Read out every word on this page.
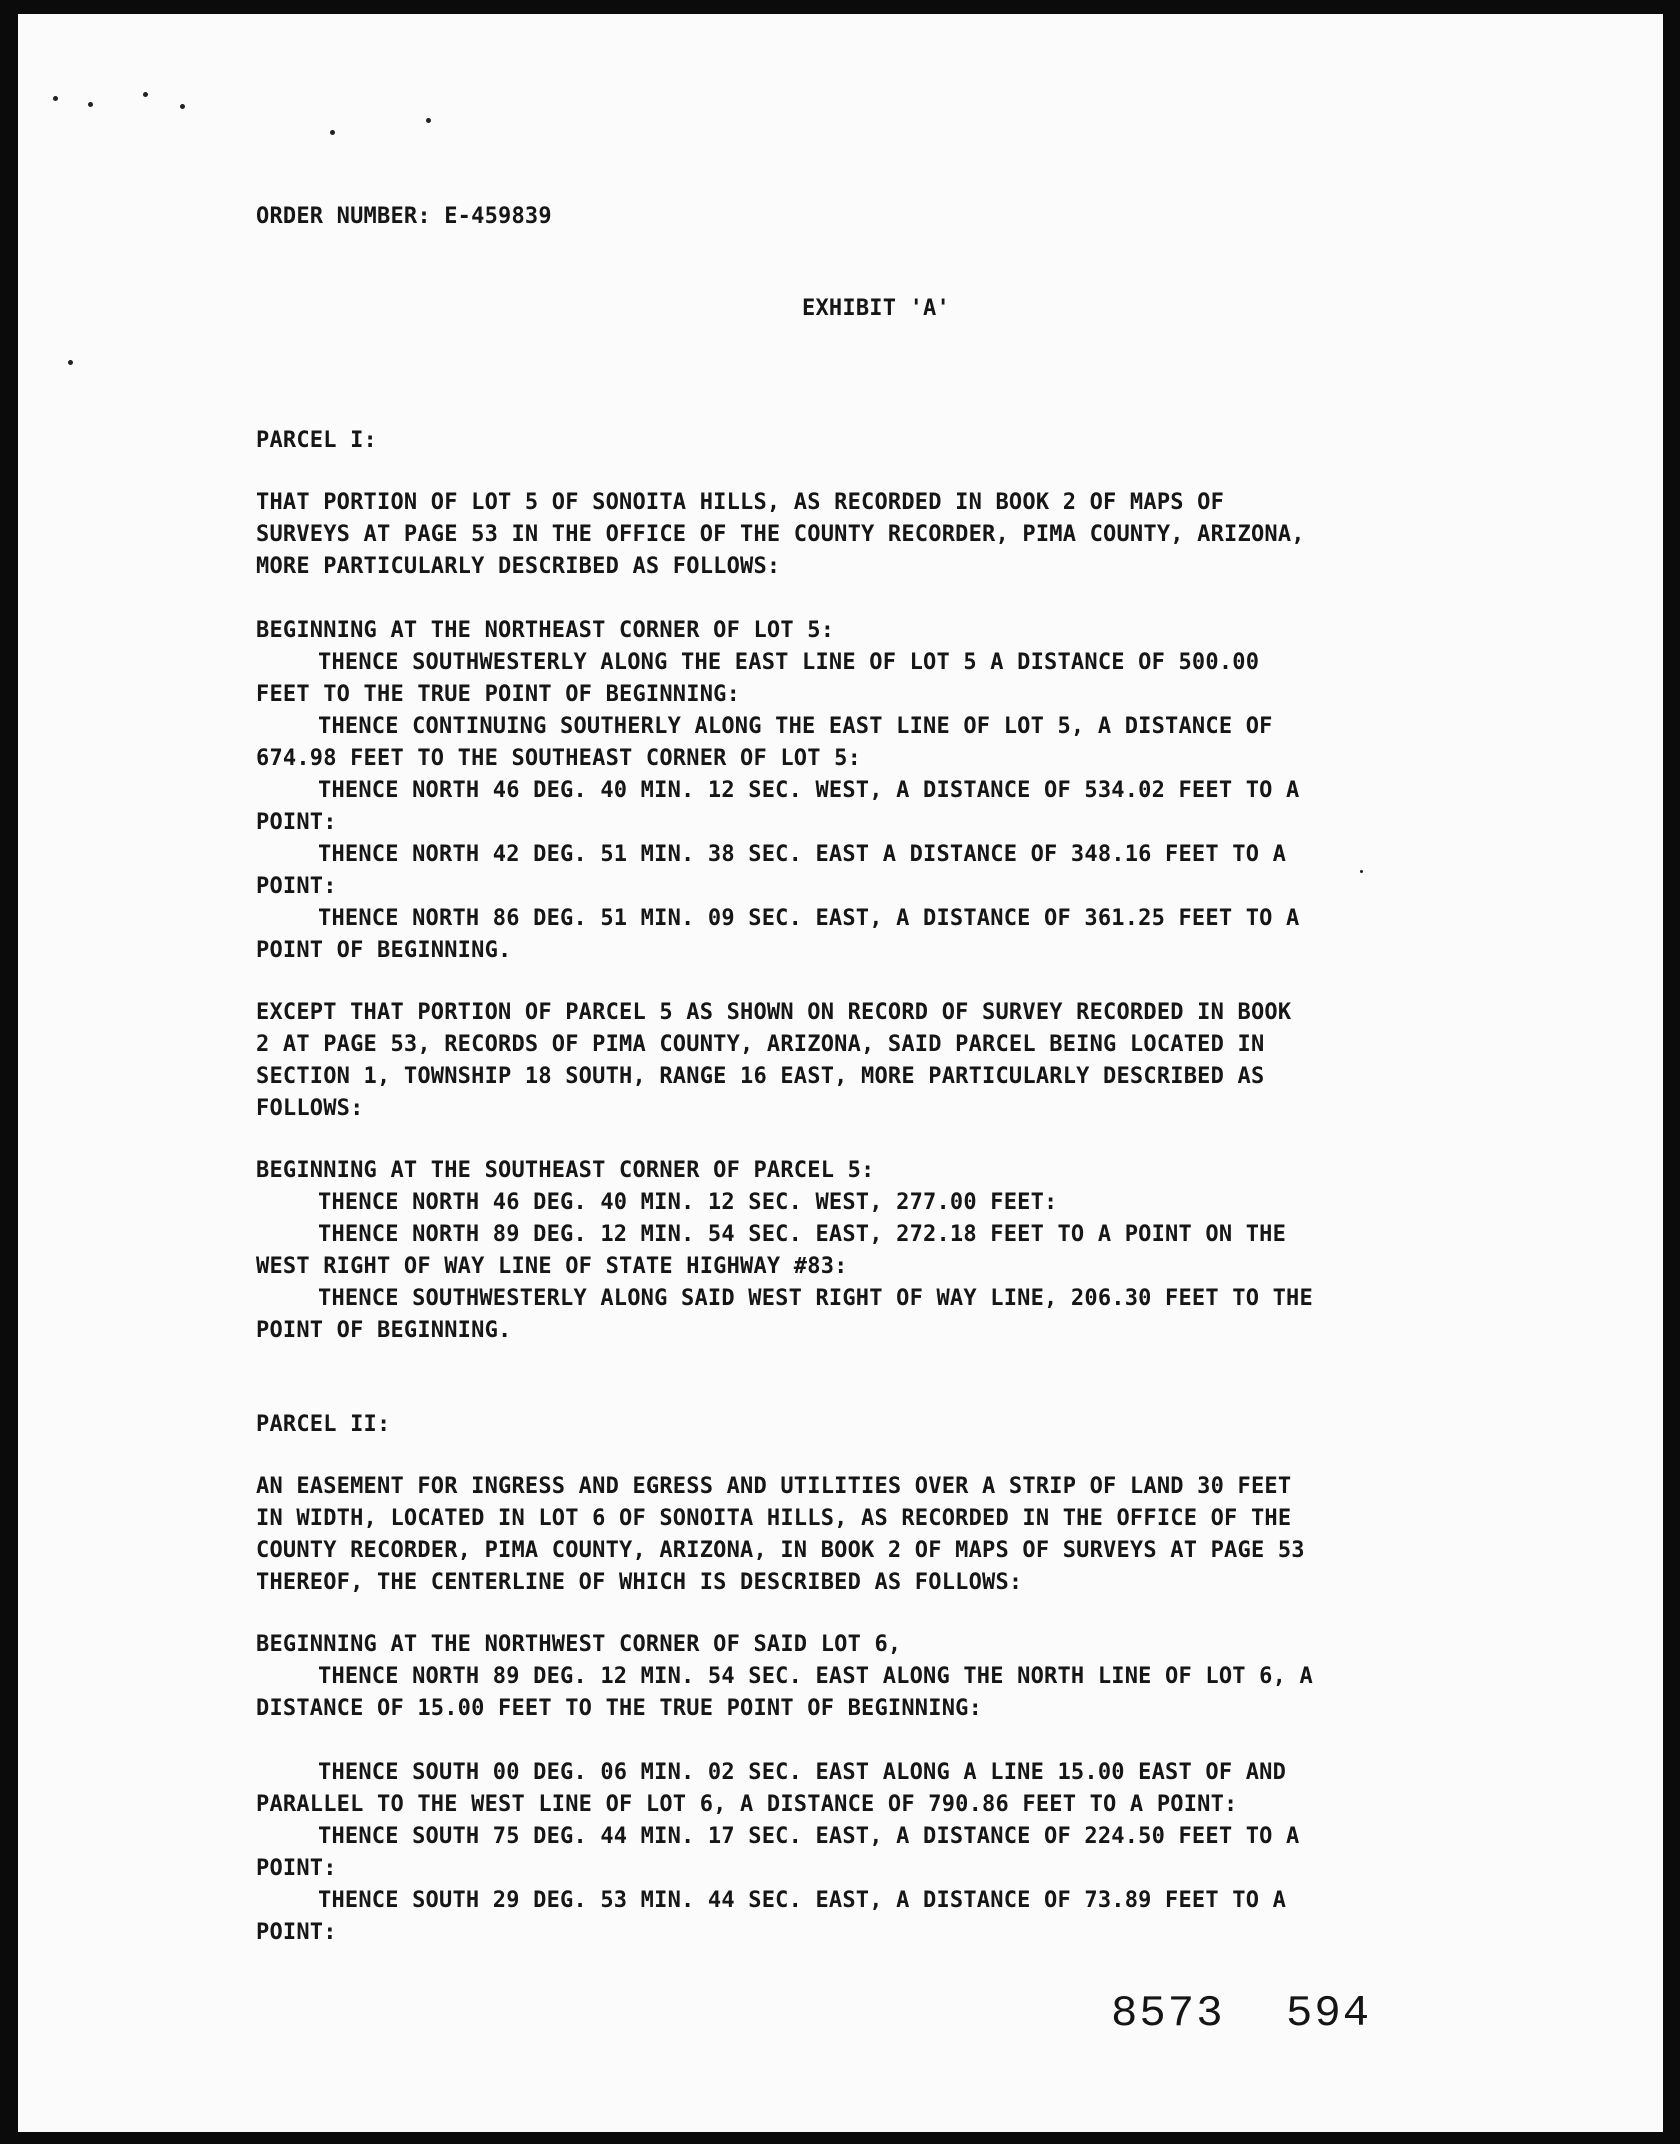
ORDER NUMBER: E-459839
EXHIBIT 'A'
PARCEL I:
THAT PORTION OF LOT 5 OF SONOITA HILLS, AS RECORDED IN BOOK 2 OF MAPS OF
SURVEYS AT PAGE 53 IN THE OFFICE OF THE COUNTY RECORDER, PIMA COUNTY, ARIZONA,
MORE PARTICULARLY DESCRIBED AS FOLLOWS:
BEGINNING AT THE NORTHEAST CORNER OF LOT 5:
THENCE SOUTHWESTERLY ALONG THE EAST LINE OF LOT 5 A DISTANCE OF 500.00
FEET TO THE TRUE POINT OF BEGINNING:
THENCE CONTINUING SOUTHERLY ALONG THE EAST LINE OF LOT 5, A DISTANCE OF
674.98 FEET TO THE SOUTHEAST CORNER OF LOT 5:
THENCE NORTH 46 DEG. 40 MIN. 12 SEC. WEST, A DISTANCE OF 534.02 FEET TO A
POINT:
THENCE NORTH 42 DEG. 51 MIN. 38 SEC. EAST A DISTANCE OF 348.16 FEET TO A
POINT:
THENCE NORTH 86 DEG. 51 MIN. 09 SEC. EAST, A DISTANCE OF 361.25 FEET TO A
POINT OF BEGINNING.
EXCEPT THAT PORTION OF PARCEL 5 AS SHOWN ON RECORD OF SURVEY RECORDED IN BOOK
2 AT PAGE 53, RECORDS OF PIMA COUNTY, ARIZONA, SAID PARCEL BEING LOCATED IN
SECTION 1, TOWNSHIP 18 SOUTH, RANGE 16 EAST, MORE PARTICULARLY DESCRIBED AS
FOLLOWS:
BEGINNING AT THE SOUTHEAST CORNER OF PARCEL 5:
THENCE NORTH 46 DEG. 40 MIN. 12 SEC. WEST, 277.00 FEET:
THENCE NORTH 89 DEG. 12 MIN. 54 SEC. EAST, 272.18 FEET TO A POINT ON THE
WEST RIGHT OF WAY LINE OF STATE HIGHWAY #83:
THENCE SOUTHWESTERLY ALONG SAID WEST RIGHT OF WAY LINE, 206.30 FEET TO THE
POINT OF BEGINNING.
PARCEL II:
AN EASEMENT FOR INGRESS AND EGRESS AND UTILITIES OVER A STRIP OF LAND 30 FEET
IN WIDTH, LOCATED IN LOT 6 OF SONOITA HILLS, AS RECORDED IN THE OFFICE OF THE
COUNTY RECORDER, PIMA COUNTY, ARIZONA, IN BOOK 2 OF MAPS OF SURVEYS AT PAGE 53
THEREOF, THE CENTERLINE OF WHICH IS DESCRIBED AS FOLLOWS:
BEGINNING AT THE NORTHWEST CORNER OF SAID LOT 6,
THENCE NORTH 89 DEG. 12 MIN. 54 SEC. EAST ALONG THE NORTH LINE OF LOT 6, A
DISTANCE OF 15.00 FEET TO THE TRUE POINT OF BEGINNING:
THENCE SOUTH 00 DEG. 06 MIN. 02 SEC. EAST ALONG A LINE 15.00 EAST OF AND
PARALLEL TO THE WEST LINE OF LOT 6, A DISTANCE OF 790.86 FEET TO A POINT:
THENCE SOUTH 75 DEG. 44 MIN. 17 SEC. EAST, A DISTANCE OF 224.50 FEET TO A
POINT:
THENCE SOUTH 29 DEG. 53 MIN. 44 SEC. EAST, A DISTANCE OF 73.89 FEET TO A
POINT:
8573 594
